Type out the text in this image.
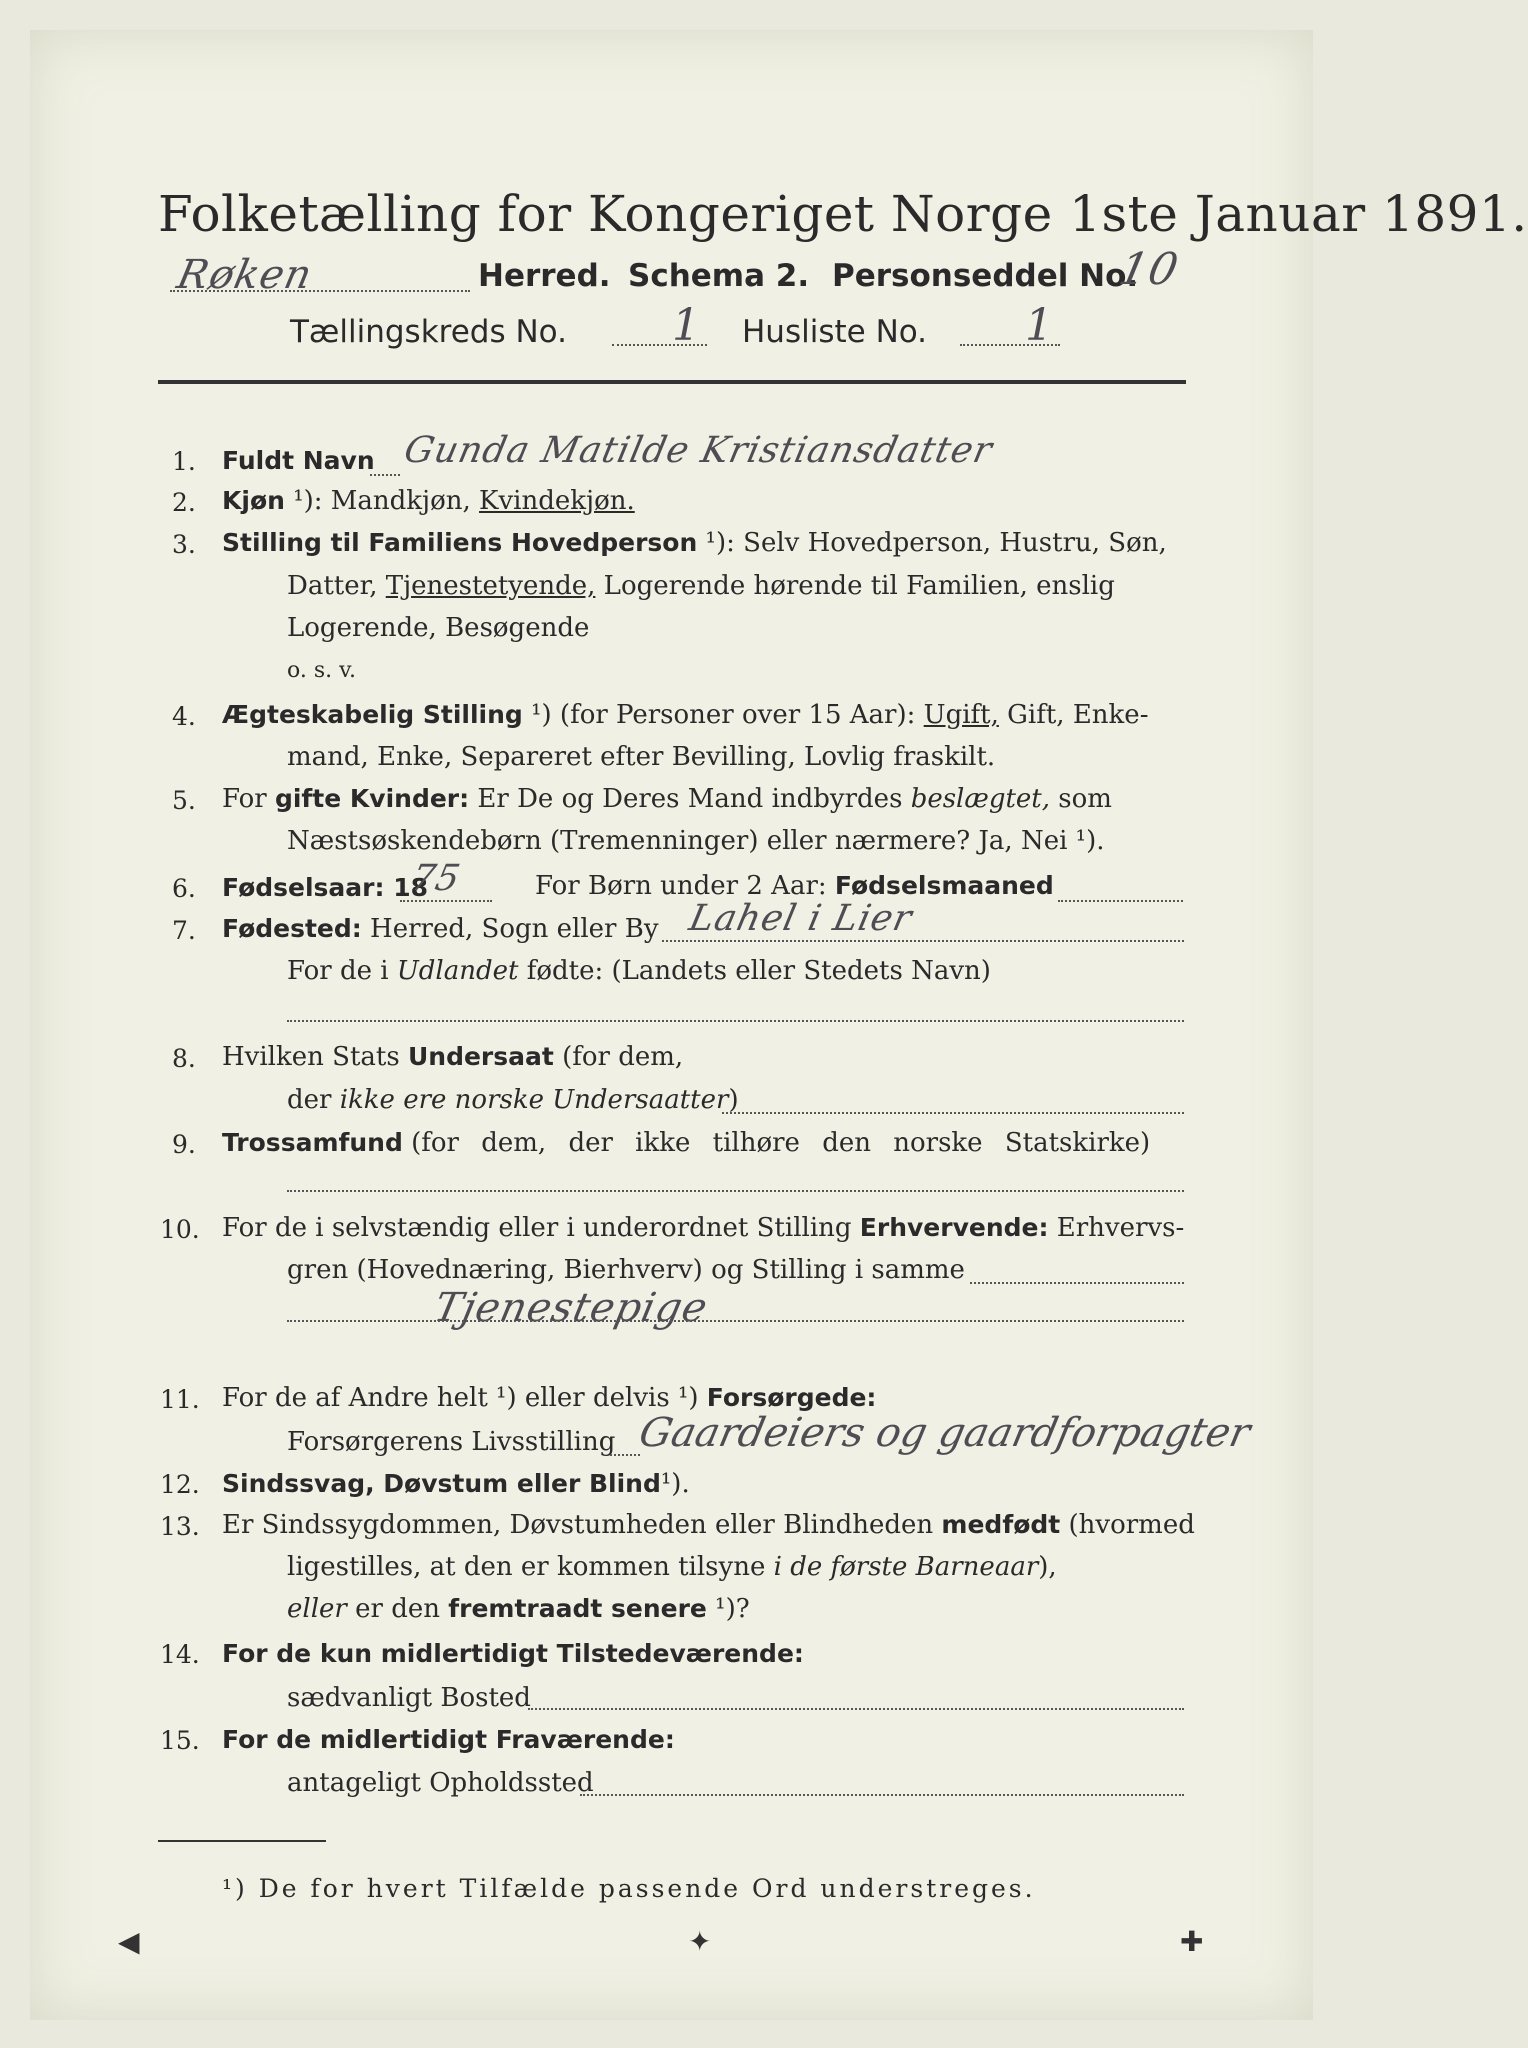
Folketælling for Kongeriget Norge 1ste Januar 1891.
Røken	Herred. Schema 2. Personseddel No.
10
Tællingskreds No. 1 Husliste No. 1
1. Fuldt Navn Gunda Matilde Kristiansdatter
2. Kjøn ¹): Mandkjøn, Kvindekjøn.
3. Stilling til Familiens Hovedperson ¹): Selv Hovedperson, Hustru, Søn,
Datter, Tjenestetyende, Logerende hørende til Familien, enslig
Logerende, Besøgende
o. s. v.
4. Ægteskabelig Stilling ¹) (for Personer over 15 Aar): Ugift, Gift, Enke-
mand, Enke, Separeret efter Bevilling, Lovlig fraskilt.
5. For gifte Kvinder: Er De og Deres Mand indbyrdes beslægtet, som
Næstsøskendebørn (Tremenninger) eller nærmere? Ja, Nei ¹).
6. Fødselsaar: 18
75	For Børn under 2 Aar: Fødselsmaaned
7. Fødested: Herred, Sogn eller By Lahel i Lier
For de i Udlandet fødte: (Landets eller Stedets Navn)
8. Hvilken Stats Undersaat (for dem,
der ikke ere norske Undersaatter)
9. Trossamfund (for dem, der ikke tilhøre den norske Statskirke)
10. For de i selvstændig eller i underordnet Stilling Erhvervende: Erhvervs-
gren (Hovednæring, Bierhverv) og Stilling i samme
Tjenestepige
11. For de af Andre helt ¹) eller delvis ¹) Forsørgede:
Forsørgerens Livsstilling Gaardeiers og gaardforpagter
12. Sindssvag, Døvstum eller Blind¹).
13. Er Sindssygdommen, Døvstumheden eller Blindheden medfødt (hvormed
ligestilles, at den er kommen tilsyne i de første Barneaar),
eller er den fremtraadt senere ¹)?
14. For de kun midlertidigt Tilstedeværende:
sædvanligt Bosted
15. For de midlertidigt Fraværende:
antageligt Opholdssted
¹) De for hvert Tilfælde passende Ord understreges.
◀	✦	✚
